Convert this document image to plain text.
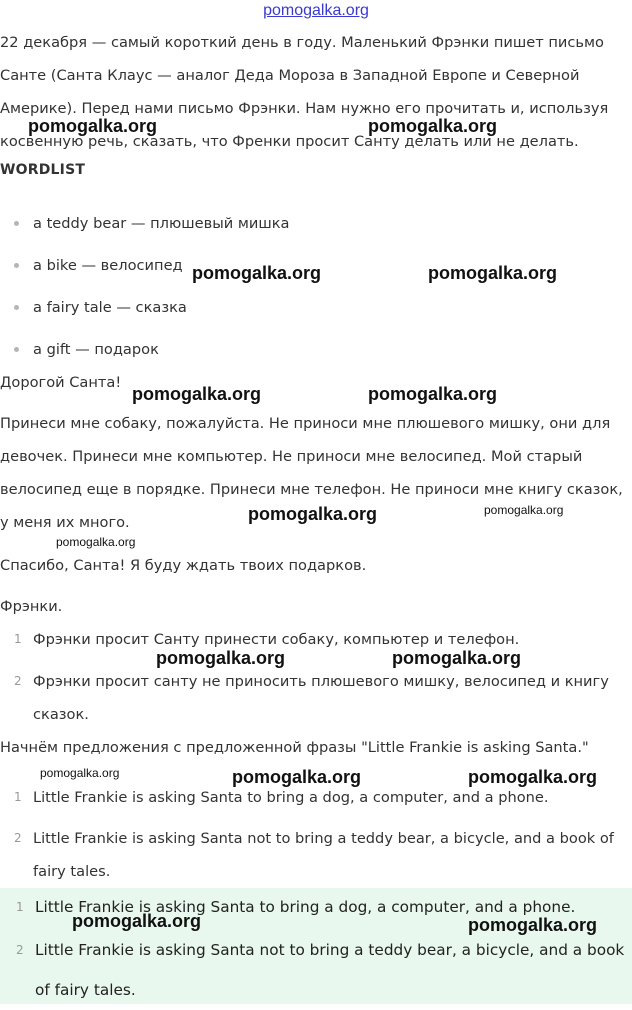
pomogalka.org
22 декабря — самый короткий день в году. Маленький Фрэнки пишет письмо Санте (Санта Клаус — аналог Деда Мороза в Западной Европе и Северной Америке). Перед нами письмо Фрэнки. Нам нужно его прочитать и, используя косвенную речь, сказать, что Френки просит Санту делать или не делать.
WORDLIST
a teddy bear — плюшевый мишка
a bike — велосипед
a fairy tale — сказка
a gift — подарок
Дорогой Санта!
Принеси мне собаку, пожалуйста. Не приноси мне плюшевого мишку, они для девочек. Принеси мне компьютер. Не приноси мне велосипед. Мой старый велосипед еще в порядке. Принеси мне телефон. Не приноси мне книгу сказок, у меня их много.
Спасибо, Санта! Я буду ждать твоих подарков.
Фрэнки.
1 Фрэнки просит Санту принести собаку, компьютер и телефон.
2 Фрэнки просит санту не приносить плюшевого мишку, велосипед и книгу сказок.
Начнём предложения с предложенной фразы "Little Frankie is asking Santa."
1 Little Frankie is asking Santa to bring a dog, a computer, and a phone.
2 Little Frankie is asking Santa not to bring a teddy bear, a bicycle, and a book of fairy tales.
1 Little Frankie is asking Santa to bring a dog, a computer, and a phone.
2 Little Frankie is asking Santa not to bring a teddy bear, a bicycle, and a book of fairy tales.
pomogalka.org	pomogalka.org
pomogalka.org	pomogalka.org
pomogalka.org	pomogalka.org
pomogalka.org	pomogalka.org
pomogalka.org
pomogalka.org	pomogalka.org
pomogalka.org	pomogalka.org	pomogalka.org
pomogalka.org	pomogalka.org
